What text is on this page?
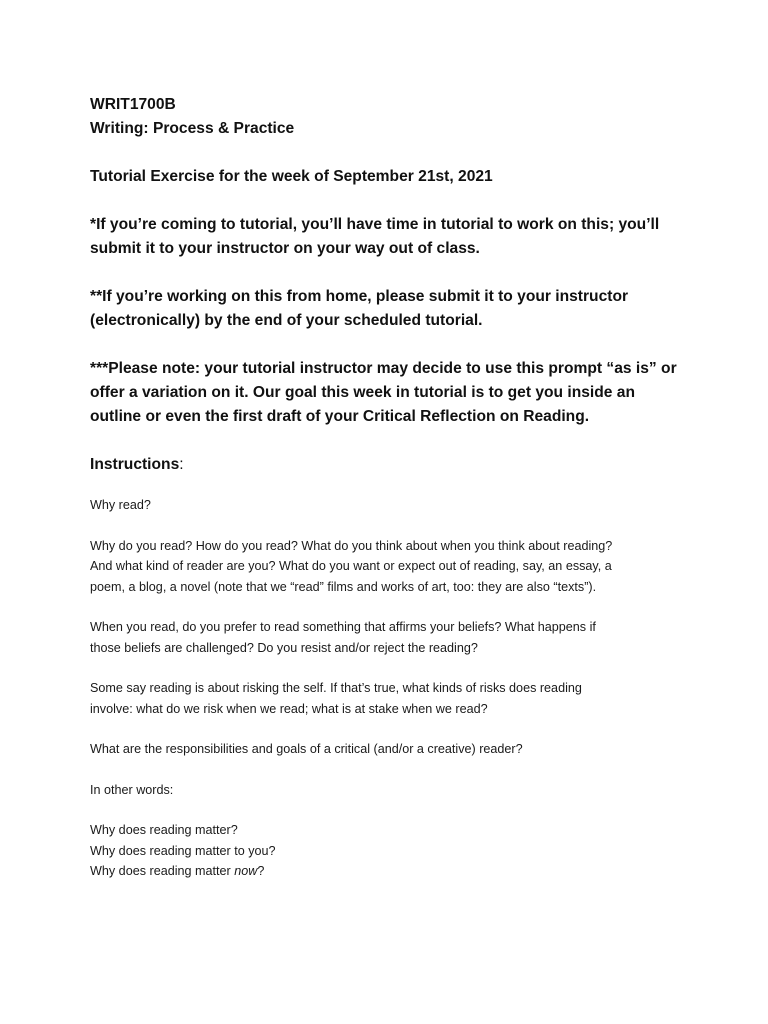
WRIT1700B

Writing: Process & Practice

Tutorial Exercise for the week of September 21st, 2021

*If you’re coming to tutorial, you’ll have time in tutorial to work on this; you’ll

submit it to your instructor on your way out of class.

**If you’re working on this from home, please submit it to your instructor

(electronically) by the end of your scheduled tutorial.

***Please note: your tutorial instructor may decide to use this prompt “as is” or

offer a variation on it. Our goal this week in tutorial is to get you inside an

outline or even the first draft of your Critical Reflection on Reading.

Instructions:

Why read?

Why do you read? How do you read? What do you think about when you think about reading?

And what kind of reader are you? What do you want or expect out of reading, say, an essay, a

poem, a blog, a novel (note that we “read” films and works of art, too: they are also “texts”).

When you read, do you prefer to read something that affirms your beliefs? What happens if

those beliefs are challenged? Do you resist and/or reject the reading?

Some say reading is about risking the self. If that’s true, what kinds of risks does reading

involve: what do we risk when we read; what is at stake when we read?

What are the responsibilities and goals of a critical (and/or a creative) reader?

In other words:

Why does reading matter?

Why does reading matter to you?

Why does reading matter now?
